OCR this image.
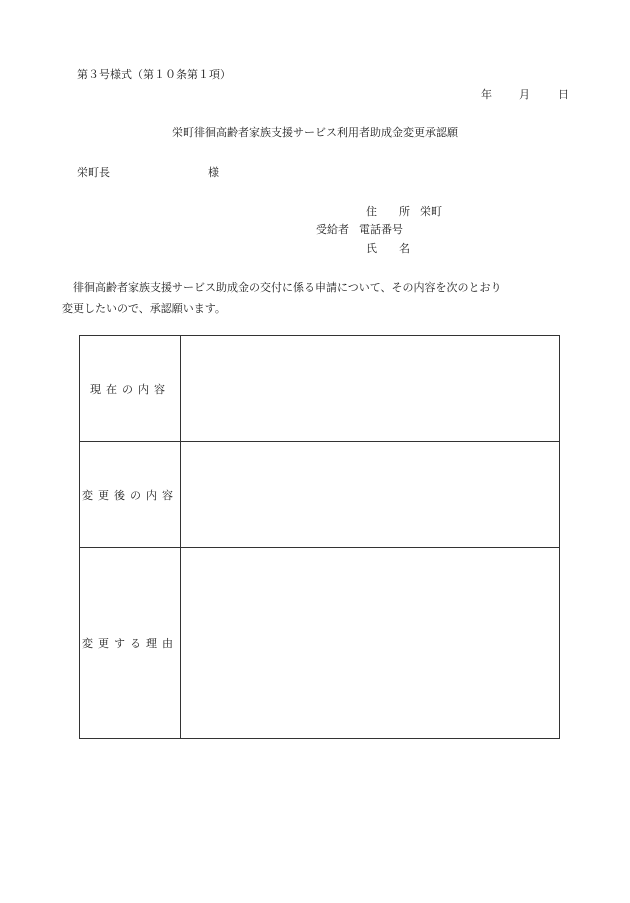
第３号様式（第１０条第１項）
年 月	日
栄町徘徊高齢者家族支援サービス利用者助成金変更承認願
栄町長	様
住　　所 栄町
受給者 電話番号
氏　　名

徘徊高齢者家族支援サービス助成金の交付に係る申請について、その内容を次のとおり

変更したいので、承認願います。

現在の内容	
変更後の内容	
変更する理由	
